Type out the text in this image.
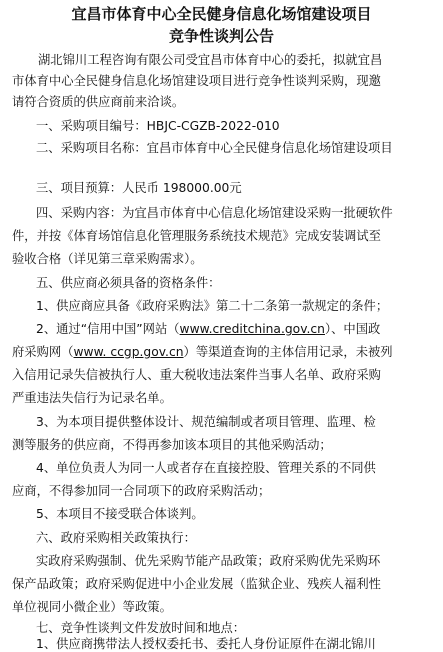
宜昌市体育中心全民健身信息化场馆建设项目
竞争性谈判公告
湖北锦川工程咨询有限公司受宜昌市体育中心的委托，拟就宜昌
市体育中心全民健身信息化场馆建设项目进行竞争性谈判采购，现邀
请符合资质的供应商前来洽谈。
一、采购项目编号：HBJC-CGZB-2022-010
二、采购项目名称：宜昌市体育中心全民健身信息化场馆建设项目
三、项目预算：人民币 198000.00元
四、采购内容：为宜昌市体育中心信息化场馆建设采购一批硬软件
件，并按《体育场馆信息化管理服务系统技术规范》完成安装调试至
验收合格（详见第三章采购需求）。
五、供应商必须具备的资格条件：
1、供应商应具备《政府采购法》第二十二条第一款规定的条件；
2、通过“信用中国”网站（www.creditchina.gov.cn）、中国政
府采购网（www. ccgp.gov.cn）等渠道查询的主体信用记录，未被列
入信用记录失信被执行人、重大税收违法案件当事人名单、政府采购
严重违法失信行为记录名单。
3、为本项目提供整体设计、规范编制或者项目管理、监理、检
测等服务的供应商，不得再参加该本项目的其他采购活动；
4、单位负责人为同一人或者存在直接控股、管理关系的不同供
应商，不得参加同一合同项下的政府采购活动；
5、本项目不接受联合体谈判。
六、政府采购相关政策执行：
实政府采购强制、优先采购节能产品政策；政府采购优先采购环
保产品政策；政府采购促进中小企业发展（监狱企业、残疾人福利性
单位视同小微企业）等政策。
七、竞争性谈判文件发放时间和地点：
1、供应商携带法人授权委托书、委托人身份证原件在湖北锦川
